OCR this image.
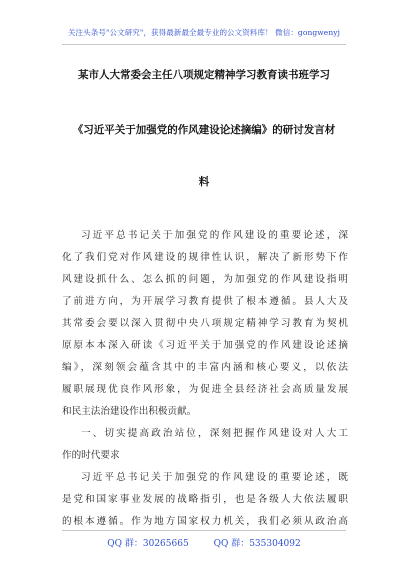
关注头条号"公文研究"，获得最新最全最专业的公文资料库！ 微信：gongwenyj
某市人大常委会主任八项规定精神学习教育读书班学习
《习近平关于加强党的作风建设论述摘编》的研讨发言材
料
习近平总书记关于加强党的作风建设的重要论述，深
化了我们党对作风建设的规律性认识，解决了新形势下作
风建设抓什么、怎么抓的问题，为加强党的作风建设指明
了前进方向，为开展学习教育提供了根本遵循。县人大及
其常委会要以深入贯彻中央八项规定精神学习教育为契机
原原本本深入研读《习近平关于加强党的作风建设论述摘
编》，深刻领会蕴含其中的丰富内涵和核心要义，以依法
履职展现优良作风形象，为促进全县经济社会高质量发展
和民主法治建设作出积极贡献。
一、切实提高政治站位，深刻把握作风建设对人大工
作的时代要求
习近平总书记关于加强党的作风建设的重要论述，既
是党和国家事业发展的战略指引，也是各级人大依法履职
的根本遵循。作为地方国家权力机关，我们必须从政治高
QQ 群：30265665	QQ 群：535304092
